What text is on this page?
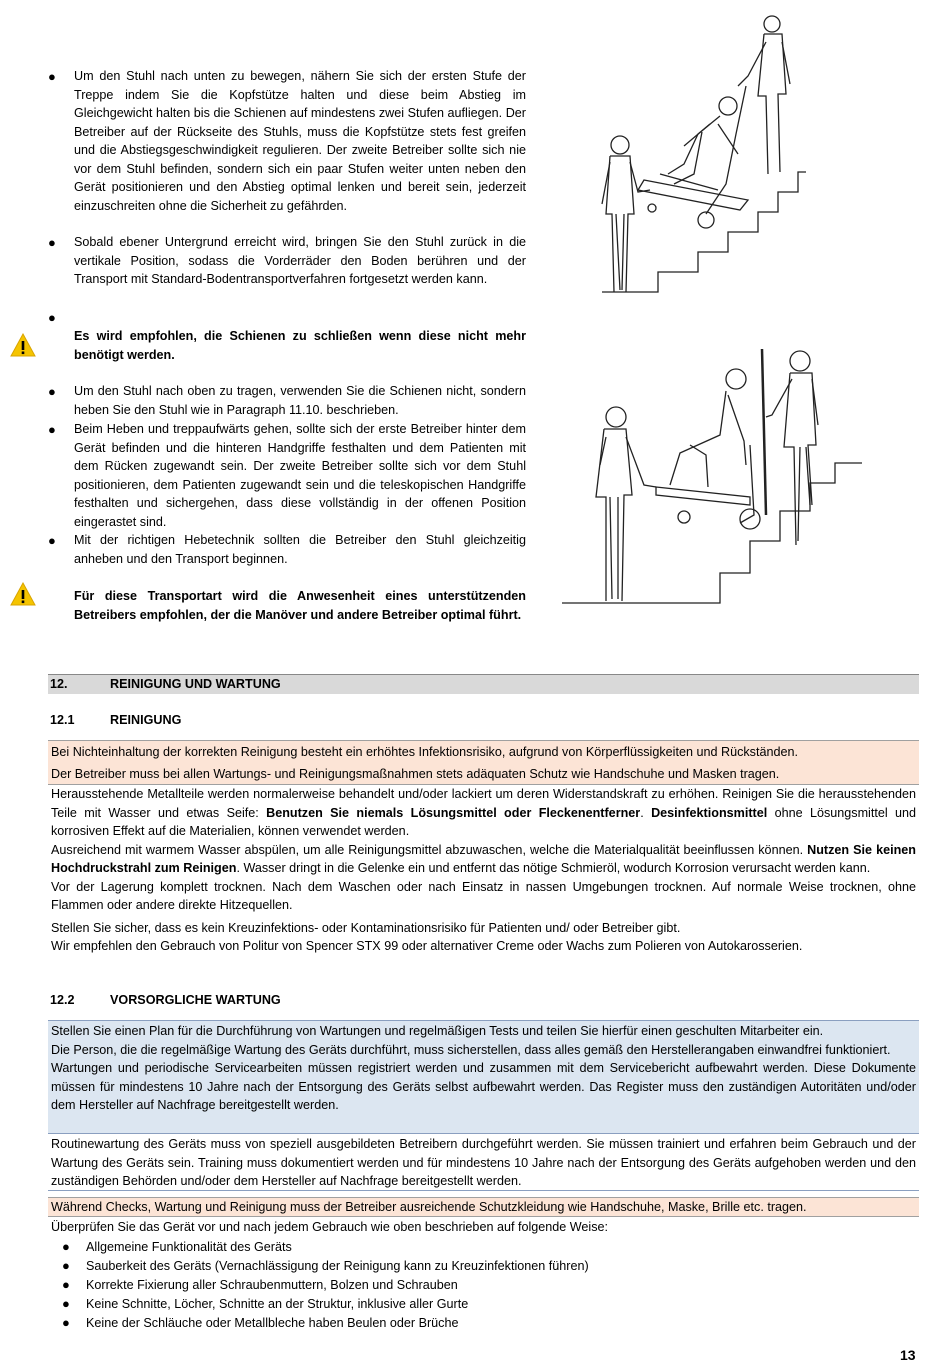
● Um den Stuhl nach unten zu bewegen, nähern Sie sich der ersten Stufe der Treppe indem Sie die Kopfstütze halten und diese beim Abstieg im Gleichgewicht halten bis die Schienen auf mindestens zwei Stufen aufliegen. Der Betreiber auf der Rückseite des Stuhls, muss die Kopfstütze stets fest greifen und die Abstiegsgeschwindigkeit regulieren. Der zweite Betreiber sollte sich nie vor dem Stuhl befinden, sondern sich ein paar Stufen weiter unten neben den Gerät positionieren und den Abstieg optimal lenken und bereit sein, jederzeit einzuschreiten ohne die Sicherheit zu gefährden.
● Sobald ebener Untergrund erreicht wird, bringen Sie den Stuhl zurück in die vertikale Position, sodass die Vorderräder den Boden berühren und der Transport mit Standard-Bodentransportverfahren fortgesetzt werden kann.
●
Es wird empfohlen, die Schienen zu schließen wenn diese nicht mehr benötigt werden.
● Um den Stuhl nach oben zu tragen, verwenden Sie die Schienen nicht, sondern heben Sie den Stuhl wie in Paragraph 11.10. beschrieben.
● Beim Heben und treppaufwärts gehen, sollte sich der erste Betreiber hinter dem Gerät befinden und die hinteren Handgriffe festhalten und dem Patienten mit dem Rücken zugewandt sein. Der zweite Betreiber sollte sich vor dem Stuhl positionieren, dem Patienten zugewandt sein und die teleskopischen Handgriffe festhalten und sichergehen, dass diese vollständig in der offenen Position eingerastet sind.
● Mit der richtigen Hebetechnik sollten die Betreiber den Stuhl gleichzeitig anheben und den Transport beginnen.
Für diese Transportart wird die Anwesenheit eines unterstützenden Betreibers empfohlen, der die Manöver und andere Betreiber optimal führt.
12.	REINIGUNG UND WARTUNG
12.1	REINIGUNG

Bei Nichteinhaltung der korrekten Reinigung besteht ein erhöhtes Infektionsrisiko, aufgrund von Körperflüssigkeiten und Rückständen.

Der Betreiber muss bei allen Wartungs- und Reinigungsmaßnahmen stets adäquaten Schutz wie Handschuhe und Masken tragen.

Herausstehende Metallteile werden normalerweise behandelt und/oder lackiert um deren Widerstandskraft zu erhöhen. Reinigen Sie die herausstehenden Teile mit Wasser und etwas Seife: Benutzen Sie niemals Lösungsmittel oder Fleckenentferner. Desinfektionsmittel ohne Lösungsmittel und korrosiven Effekt auf die Materialien, können verwendet werden.

Ausreichend mit warmem Wasser abspülen, um alle Reinigungsmittel abzuwaschen, welche die Materialqualität beeinflussen können. Nutzen Sie keinen Hochdruckstrahl zum Reinigen. Wasser dringt in die Gelenke ein und entfernt das nötige Schmieröl, wodurch Korrosion verursacht werden kann.

Vor der Lagerung komplett trocknen. Nach dem Waschen oder nach Einsatz in nassen Umgebungen trocknen. Auf normale Weise trocknen, ohne Flammen oder andere direkte Hitzequellen.

Stellen Sie sicher, dass es kein Kreuzinfektions- oder Kontaminationsrisiko für Patienten und/ oder Betreiber gibt.

Wir empfehlen den Gebrauch von Politur von Spencer STX 99 oder alternativer Creme oder Wachs zum Polieren von Autokarosserien.

12.2	VORSORGLICHE WARTUNG

Stellen Sie einen Plan für die Durchführung von Wartungen und regelmäßigen Tests und teilen Sie hierfür einen geschulten Mitarbeiter ein.

Die Person, die die regelmäßige Wartung des Geräts durchführt, muss sicherstellen, dass alles gemäß den Herstellerangaben einwandfrei funktioniert.

Wartungen und periodische Servicearbeiten müssen registriert werden und zusammen mit dem Servicebericht aufbewahrt werden. Diese Dokumente müssen für mindestens 10 Jahre nach der Entsorgung des Geräts selbst aufbewahrt werden. Das Register muss den zuständigen Autoritäten und/oder dem Hersteller auf Nachfrage bereitgestellt werden.

Routinewartung des Geräts muss von speziell ausgebildeten Betreibern durchgeführt werden. Sie müssen trainiert und erfahren beim Gebrauch und der Wartung des Geräts sein. Training muss dokumentiert werden und für mindestens 10 Jahre nach der Entsorgung des Geräts aufgehoben werden und den zuständigen Behörden und/oder dem Hersteller auf Nachfrage bereitgestellt werden.

Während Checks, Wartung und Reinigung muss der Betreiber ausreichende Schutzkleidung wie Handschuhe, Maske, Brille etc. tragen.

Überprüfen Sie das Gerät vor und nach jedem Gebrauch wie oben beschrieben auf folgende Weise:

● Allgemeine Funktionalität des Geräts
● Sauberkeit des Geräts (Vernachlässigung der Reinigung kann zu Kreuzinfektionen führen)
● Korrekte Fixierung aller Schraubenmuttern, Bolzen und Schrauben
● Keine Schnitte, Löcher, Schnitte an der Struktur, inklusive aller Gurte
● Keine der Schläuche oder Metallbleche haben Beulen oder Brüche
13
